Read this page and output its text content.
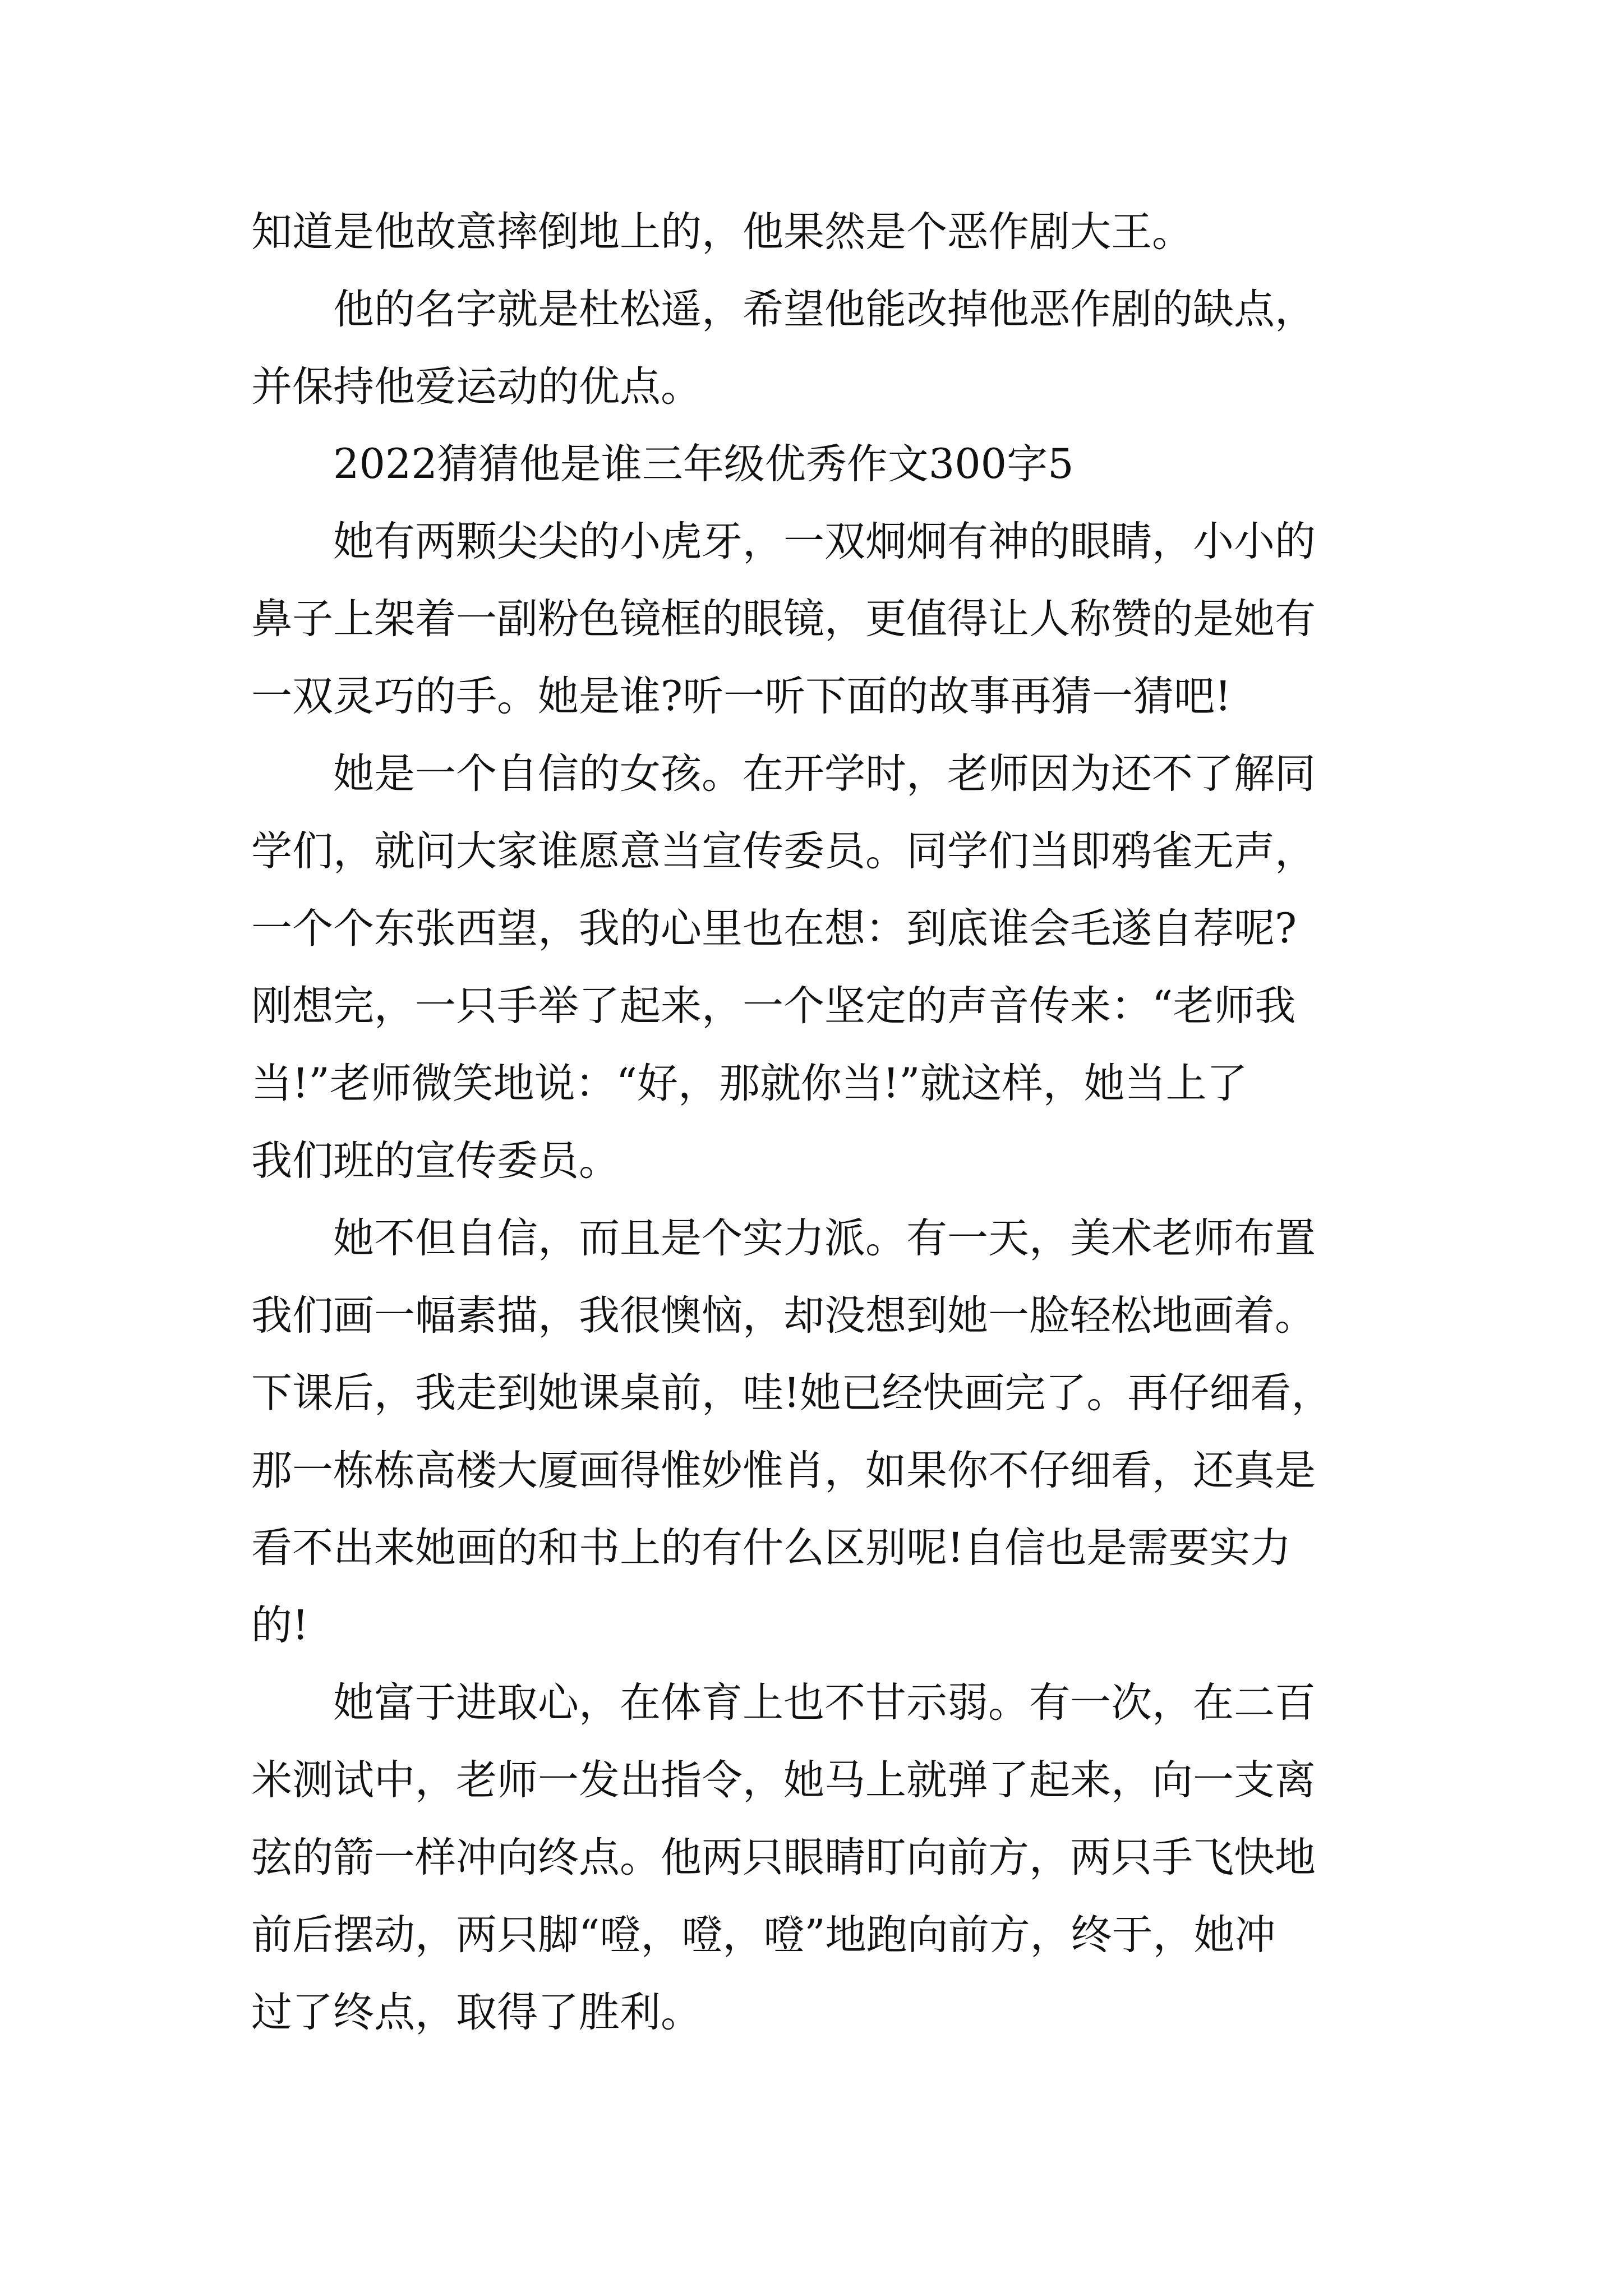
知道是他故意摔倒地上的，他果然是个恶作剧大王。
他的名字就是杜松遥，希望他能改掉他恶作剧的缺点，
并保持他爱运动的优点。
2022猜猜他是谁三年级优秀作文300字5
她有两颗尖尖的小虎牙，一双炯炯有神的眼睛，小小的
鼻子上架着一副粉色镜框的眼镜，更值得让人称赞的是她有
一双灵巧的手。她是谁?听一听下面的故事再猜一猜吧!
她是一个自信的女孩。在开学时，老师因为还不了解同
学们，就问大家谁愿意当宣传委员。同学们当即鸦雀无声，
一个个东张西望，我的心里也在想：到底谁会毛遂自荐呢?
刚想完，一只手举了起来，一个坚定的声音传来：“老师我
当!”老师微笑地说：“好，那就你当!”就这样，她当上了
我们班的宣传委员。
她不但自信，而且是个实力派。有一天，美术老师布置
我们画一幅素描，我很懊恼，却没想到她一脸轻松地画着。
下课后，我走到她课桌前，哇!她已经快画完了。再仔细看，
那一栋栋高楼大厦画得惟妙惟肖，如果你不仔细看，还真是
看不出来她画的和书上的有什么区别呢!自信也是需要实力
的!
她富于进取心，在体育上也不甘示弱。有一次，在二百
米测试中，老师一发出指令，她马上就弹了起来，向一支离
弦的箭一样冲向终点。他两只眼睛盯向前方，两只手飞快地
前后摆动，两只脚“噔，噔，噔”地跑向前方，终于，她冲
过了终点，取得了胜利。
